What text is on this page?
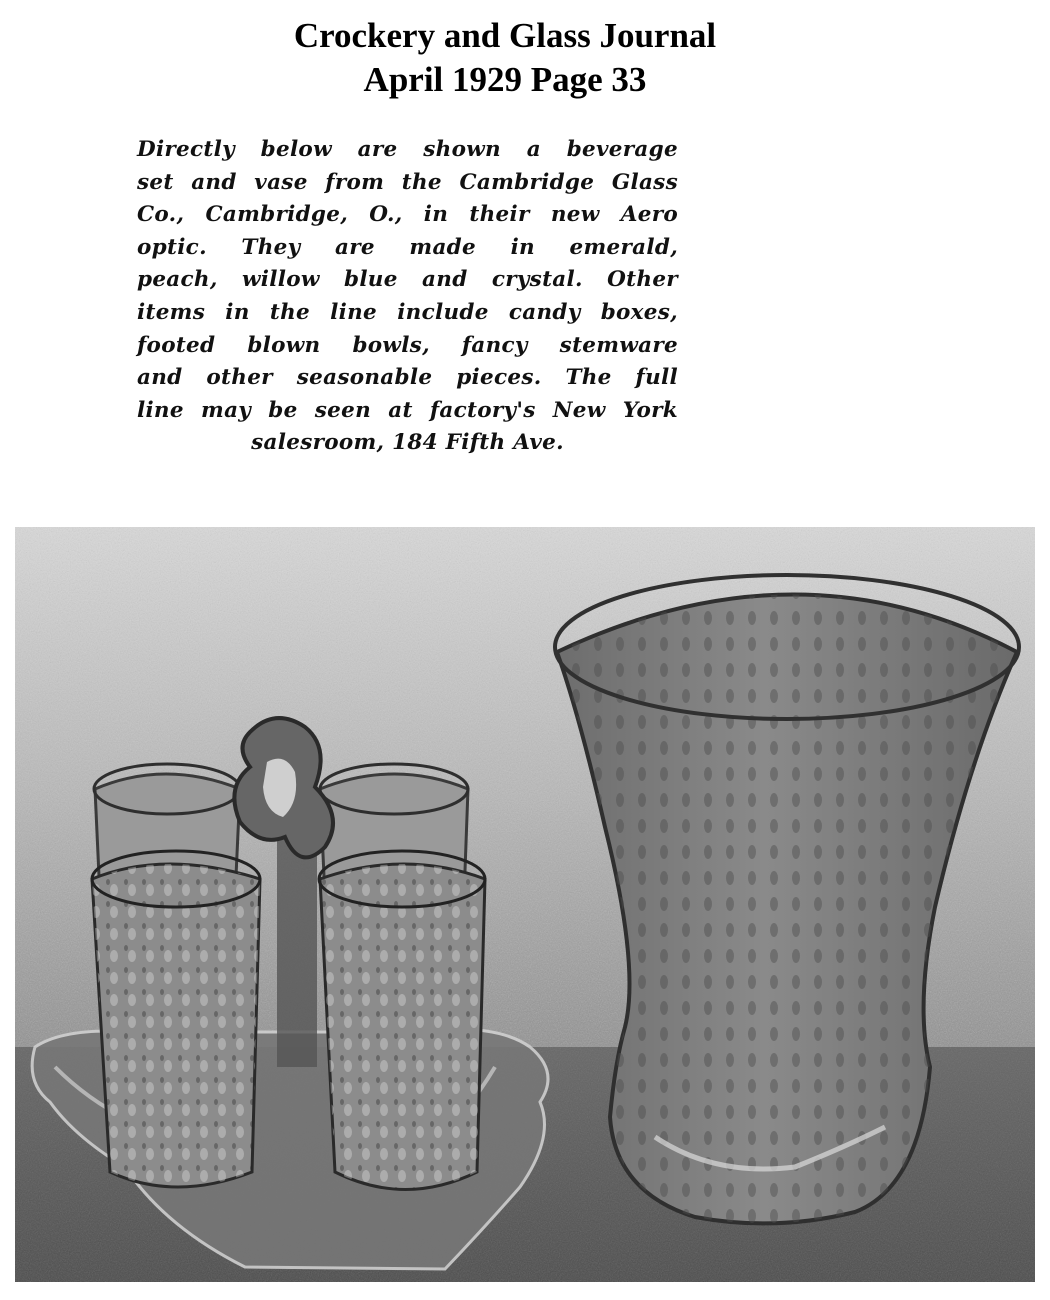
Crockery and Glass Journal
April 1929 Page 33
Directly below are shown a beverage
set and vase from the Cambridge Glass
Co., Cambridge, O., in their new Aero
optic. They are made in emerald,
peach, willow blue and crystal. Other
items in the line include candy boxes,
footed blown bowls, fancy stemware
and other seasonable pieces. The full
line may be seen at factory's New York
salesroom, 184 Fifth Ave.
